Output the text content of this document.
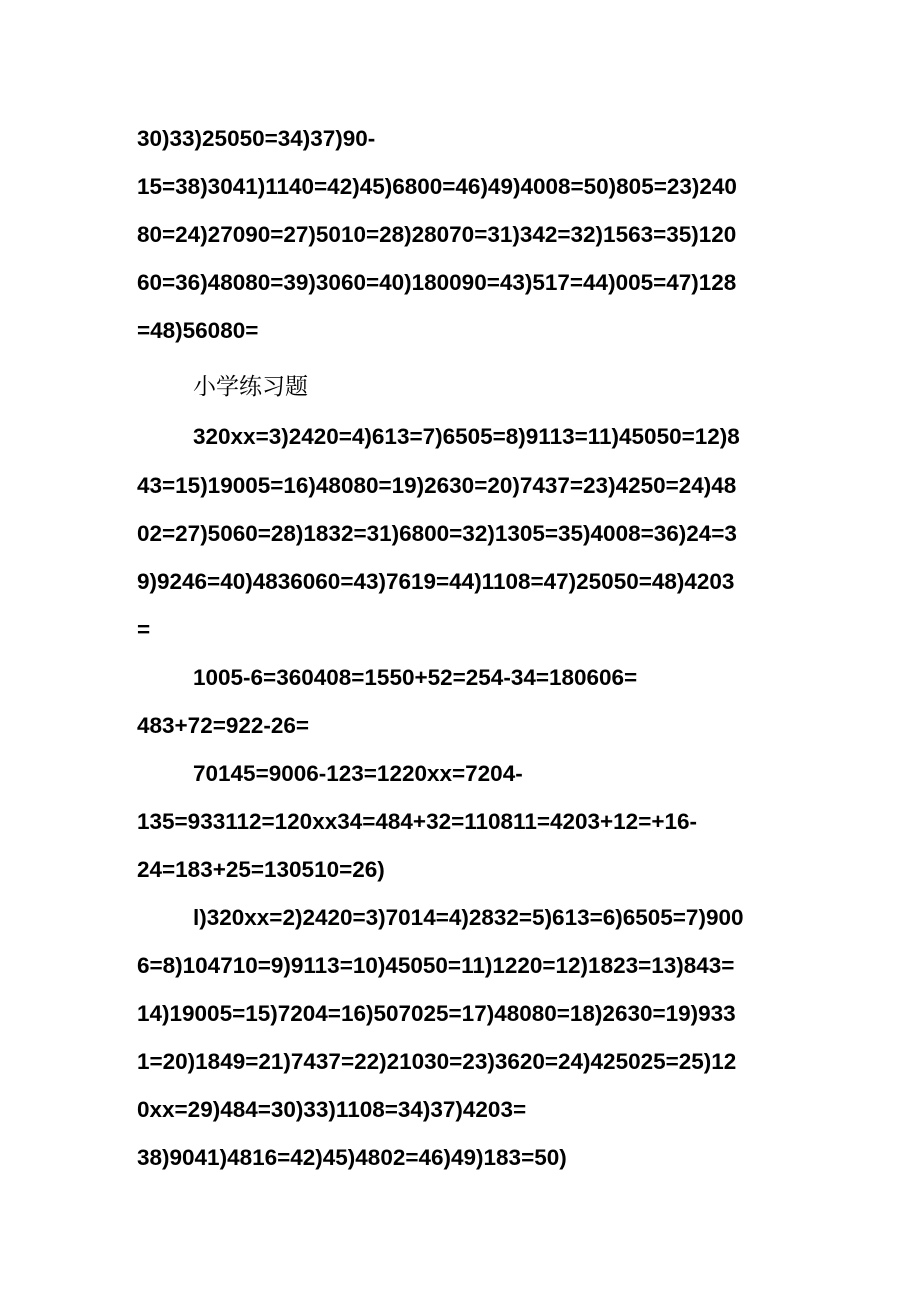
30)33)25050=34)37)90-
15=38)3041)1140=42)45)6800=46)49)4008=50)805=23)240
80=24)27090=27)5010=28)28070=31)342=32)1563=35)120
60=36)48080=39)3060=40)180090=43)517=44)005=47)128
=48)56080=
小学练习题
320xx=3)2420=4)613=7)6505=8)9113=11)45050=12)8
43=15)19005=16)48080=19)2630=20)7437=23)4250=24)48
02=27)5060=28)1832=31)6800=32)1305=35)4008=36)24=3
9)9246=40)4836060=43)7619=44)1108=47)25050=48)4203
=
1005-6=360408=1550+52=254-34=180606=
483+72=922-26=
70145=9006-123=1220xx=7204-
135=933112=120xx34=484+32=110811=4203+12=+16-
24=183+25=130510=26)
l)320xx=2)2420=3)7014=4)2832=5)613=6)6505=7)900
6=8)104710=9)9113=10)45050=11)1220=12)1823=13)843=
14)19005=15)7204=16)507025=17)48080=18)2630=19)933
1=20)1849=21)7437=22)21030=23)3620=24)425025=25)12
0xx=29)484=30)33)1108=34)37)4203=
38)9041)4816=42)45)4802=46)49)183=50)
